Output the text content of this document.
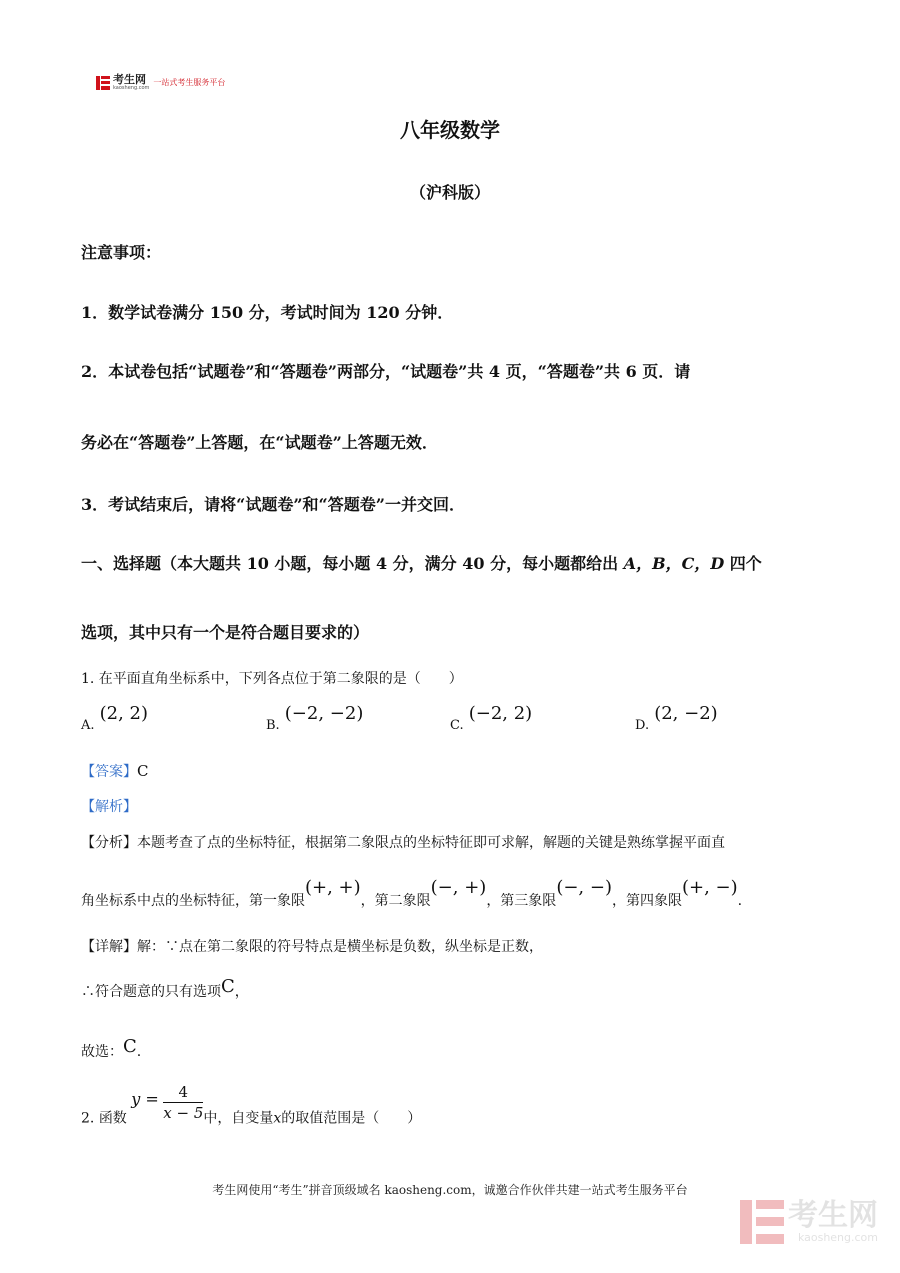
考生网
kaosheng.com
一站式考生服务平台
八年级数学
（沪科版）
注意事项：
1．数学试卷满分 150 分，考试时间为 120 分钟．
2．本试卷包括“试题卷”和“答题卷”两部分，“试题卷”共 4 页，“答题卷”共 6 页．请
务必在“答题卷”上答题，在“试题卷”上答题无效．
3．考试结束后，请将“试题卷”和“答题卷”一并交回．
一、选择题（本大题共 10 小题，每小题 4 分，满分 40 分，每小题都给出 A，B，C，D 四个
选项，其中只有一个是符合题目要求的）
1. 在平面直角坐标系中，下列各点位于第二象限的是（　　）
$_{A.}$ (2, 2)
$_{B.}$ (−2, −2)
$_{C.}$ (−2, 2)
$_{D.}$ (2, −2)
【答案】C
【解析】
【分析】本题考查了点的坐标特征，根据第二象限点的坐标特征即可求解，解题的关键是熟练掌握平面直
角坐标系中点的坐标特征，第一象限(+, +)，第二象限(−, +)，第三象限(−, −)，第四象限(+, −).
【详解】解：∵点在第二象限的符号特点是横坐标是负数，纵坐标是正数，
∴符合题意的只有选项C，
故选：C.
2. 函数 $y = \frac{4}{x - 5}$ 中，自变量x的取值范围是（　　）
考生网使用“考生”拼音顶级域名 kaosheng.com，诚邀合作伙伴共建一站式考生服务平台
考生网
kaosheng.com
